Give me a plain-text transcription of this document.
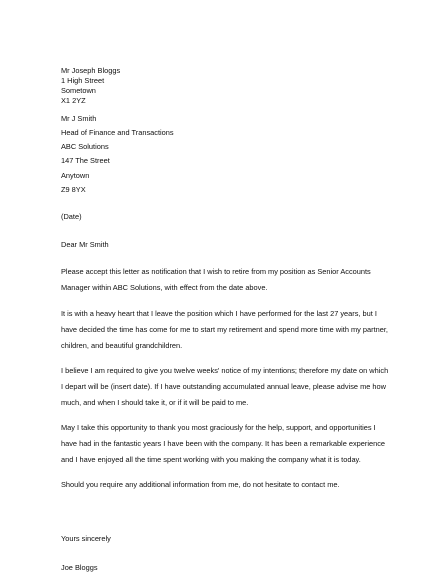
Mr Joseph Bloggs
1 High Street
Sometown
X1 2YZ
Mr J Smith
Head of Finance and Transactions
ABC Solutions
147 The Street
Anytown
Z9 8YX
(Date)
Dear Mr Smith
Please accept this letter as notification that I wish to retire from my position as Senior Accounts
Manager within ABC Solutions, with effect from the date above.
It is with a heavy heart that I leave the position which I have performed for the last 27 years, but I
have decided the time has come for me to start my retirement and spend more time with my partner,
children, and beautiful grandchildren.
I believe I am required to give you twelve weeks' notice of my intentions; therefore my date on which
I depart will be (insert date). If I have outstanding accumulated annual leave, please advise me how
much, and when I should take it, or if it will be paid to me.
May I take this opportunity to thank you most graciously for the help, support, and opportunities I
have had in the fantastic years I have been with the company. It has been a remarkable experience
and I have enjoyed all the time spent working with you making the company what it is today.
Should you require any additional information from me, do not hesitate to contact me.
Yours sincerely
Joe Bloggs
